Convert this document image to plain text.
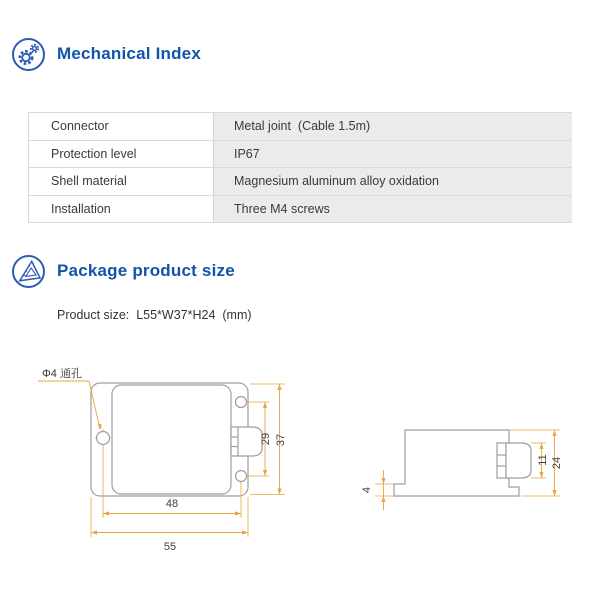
Mechanical Index
Connector	Metal joint  (Cable 1.5m)
Protection level	IP67
Shell material	Magnesium aluminum alloy oxidation
Installation	Three M4 screws
Package product size
Product size:  L55*W37*H24  (mm)
Φ4 通孔
48
55
29 37
4
11 24
